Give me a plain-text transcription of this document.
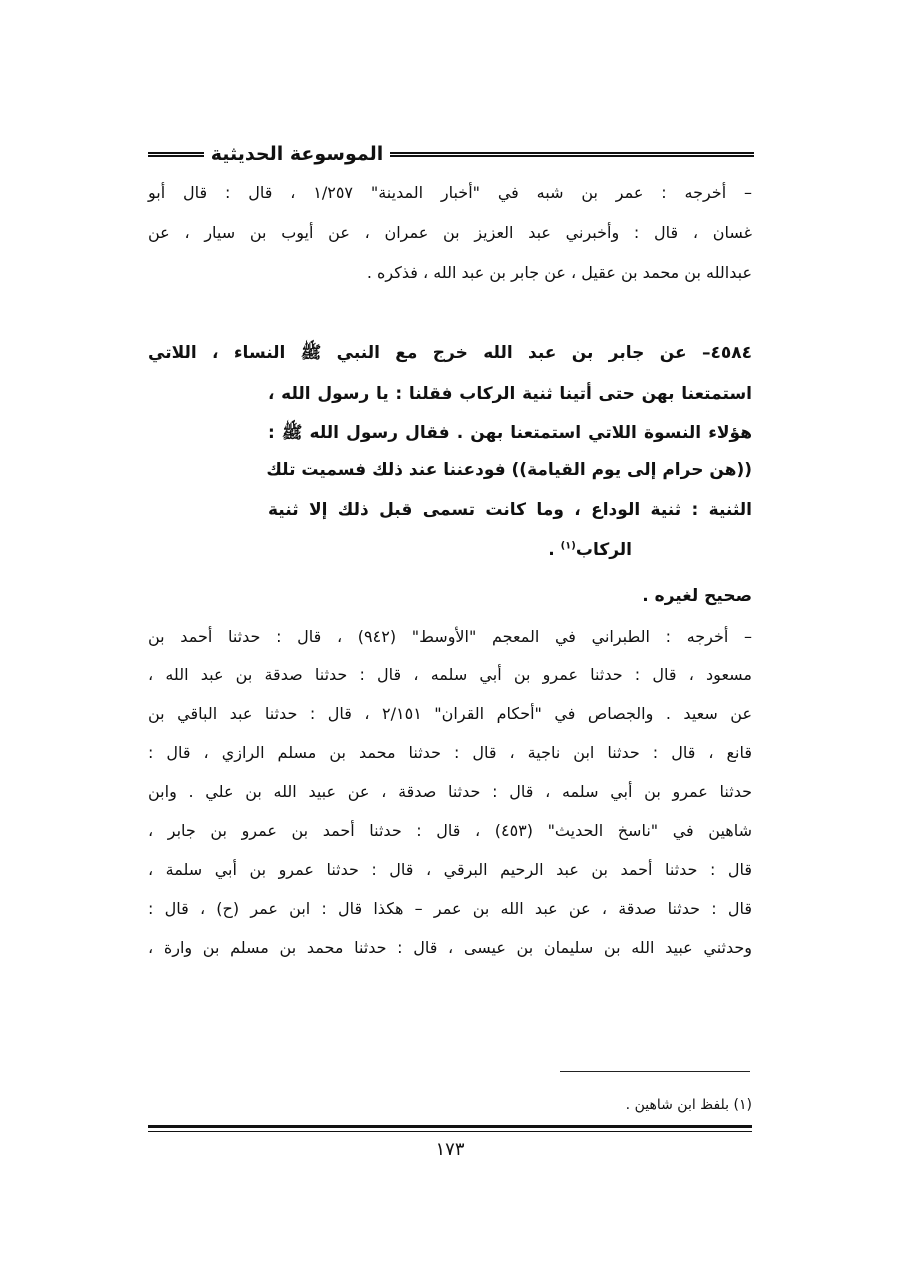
الموسوعة الحديثية
– أخرجه : عمر بن شبه في "أخبار المدينة" ١/٢٥٧ ، قال : قال أبو
غسان ، قال : وأخبرني عبد العزيز بن عمران ، عن أيوب بن سيار ، عن
عبدالله بن محمد بن عقيل ، عن جابر بن عبد الله ، فذكره .
٤٥٨٤– عن جابر بن عبد الله خرج مع النبي ﷺ النساء ، اللاتي
استمتعنا بهن حتى أتينا ثنية الركاب فقلنا : يا رسول الله ،
هؤلاء النسوة اللاتي استمتعنا بهن . فقال رسول الله ﷺ :
((هن حرام إلى يوم القيامة)) فودعننا عند ذلك فسميت تلك
الثنية : ثنية الوداع ، وما كانت تسمى قبل ذلك إلا ثنية
الركاب$^{(١)}$ .
صحيح لغيره .
– أخرجه : الطبراني في المعجم "الأوسط" (٩٤٢) ، قال : حدثنا أحمد بن
مسعود ، قال : حدثنا عمرو بن أبي سلمه ، قال : حدثنا صدقة بن عبد الله ،
عن سعيد . والجصاص في "أحكام القران" ٢/١٥١ ، قال : حدثنا عبد الباقي بن
قانع ، قال : حدثنا ابن ناجية ، قال : حدثنا محمد بن مسلم الرازي ، قال :
حدثنا عمرو بن أبي سلمه ، قال : حدثنا صدقة ، عن عبيد الله بن علي . وابن
شاهين في "ناسخ الحديث" (٤٥٣) ، قال : حدثنا أحمد بن عمرو بن جابر ،
قال : حدثنا أحمد بن عبد الرحيم البرقي ، قال : حدثنا عمرو بن أبي سلمة ،
قال : حدثنا صدقة ، عن عبد الله بن عمر – هكذا قال : ابن عمر (ح) ، قال :
وحدثني عبيد الله بن سليمان بن عيسى ، قال : حدثنا محمد بن مسلم بن وارة ،
(١) بلفظ ابن شاهين .
١٧٣
